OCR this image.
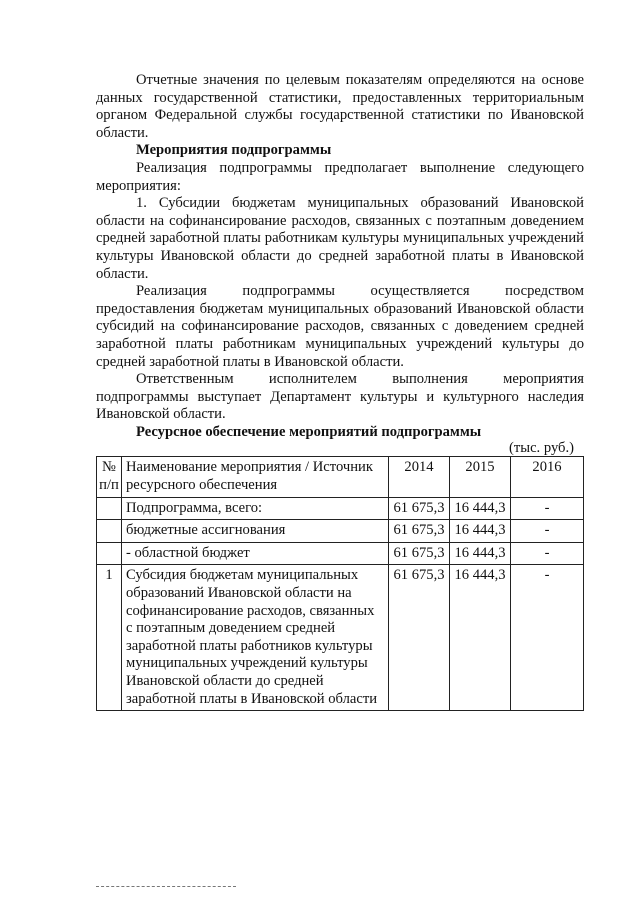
Отчетные значения по целевым показателям определяются на основе данных государственной статистики, предоставленных территориальным органом Федеральной службы государственной статистики по Ивановской области.

Мероприятия подпрограммы

Реализация подпрограммы предполагает выполнение следующего мероприятия:

1. Субсидии бюджетам муниципальных образований Ивановской области на софинансирование расходов, связанных с поэтапным доведением средней заработной платы работникам культуры муниципальных учреждений культуры Ивановской области до средней заработной платы в Ивановской области.

Реализация подпрограммы осуществляется посредством предоставления бюджетам муниципальных образований Ивановской области субсидий на софинансирование расходов, связанных с доведением средней заработной платы работникам муниципальных учреждений культуры до средней заработной платы в Ивановской области.

Ответственным исполнителем выполнения мероприятия подпрограммы выступает Департамент культуры и культурного наследия Ивановской области.

Ресурсное обеспечение мероприятий подпрограммы

(тыс. руб.)

№ п/п	Наименование мероприятия / Источник ресурсного обеспечения	2014	2015	2016
	Подпрограмма, всего:	61 675,3	16 444,3	-
	бюджетные ассигнования	61 675,3	16 444,3	-
	- областной бюджет	61 675,3	16 444,3	-
1	Субсидия бюджетам муниципальных образований Ивановской области на софинансирование расходов, связанных с поэтапным доведением средней заработной платы работников культуры муниципальных учреждений культуры Ивановской области до средней заработной платы в Ивановской области	61 675,3	16 444,3	-
